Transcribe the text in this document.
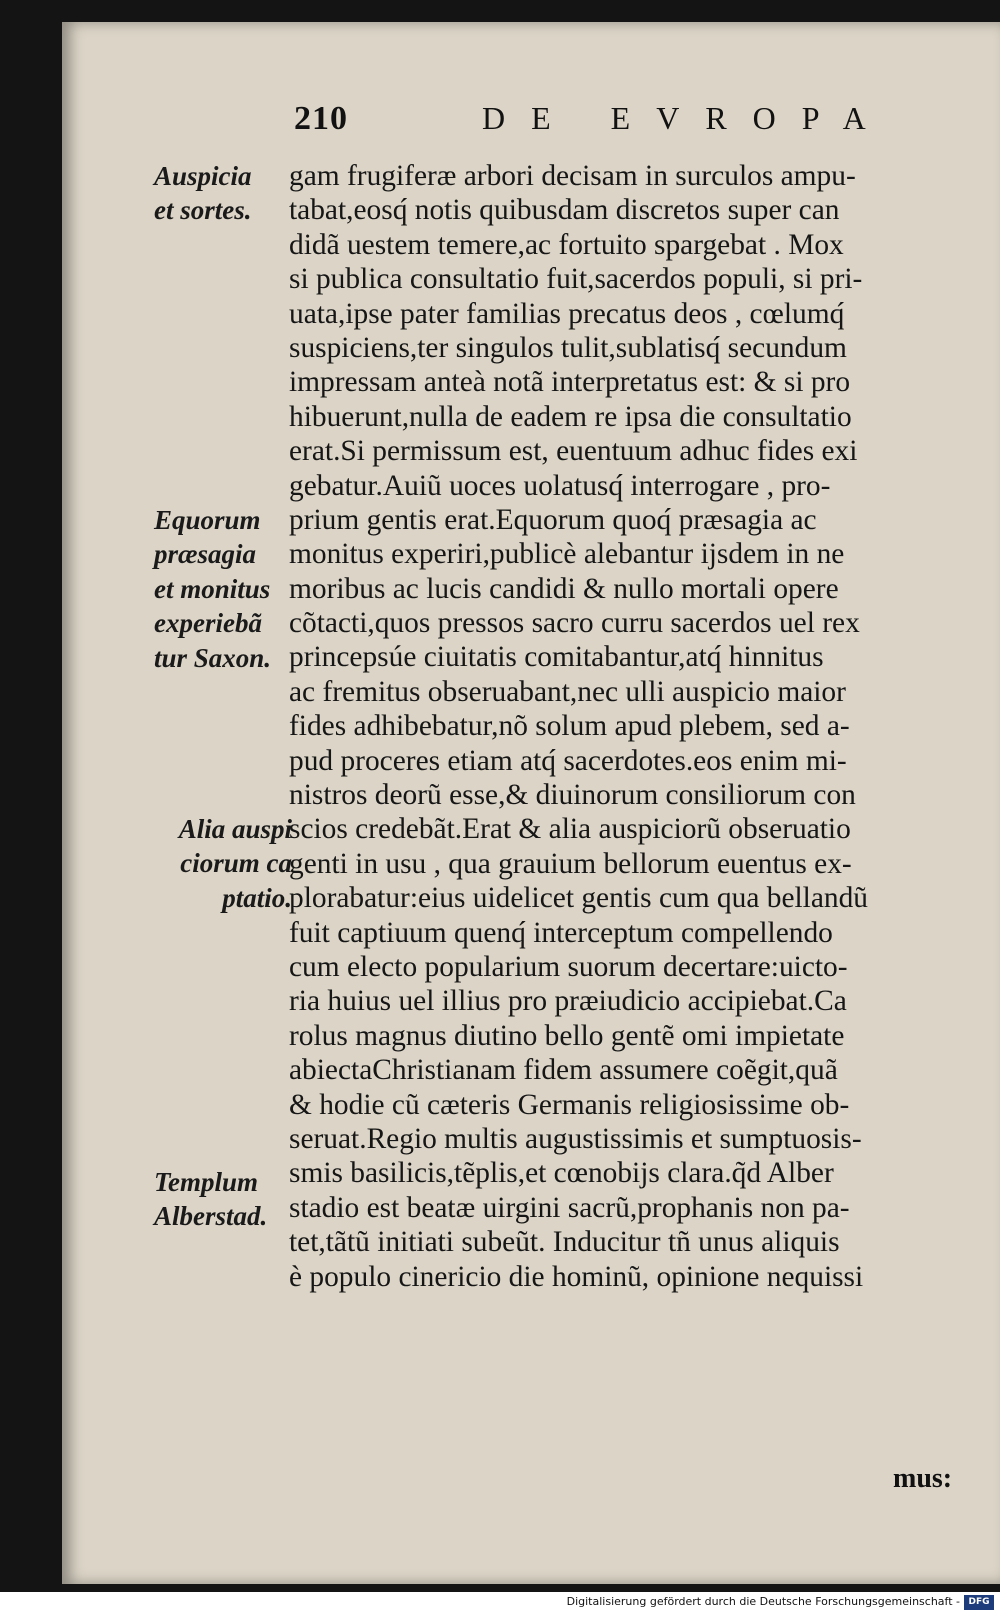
210	DE EVROPA
Auspicia
et sortes.
Equorum
præsagia
et monitus
experiebã
tur Saxon.
Alia auspi
ciorum ca
ptatio.
Templum
Alberstad.
gam frugiferæ arbori decisam in surculos ampu-
tabat,eosq́ notis quibusdam discretos super can
didã uestem temere,ac fortuito spargebat . Mox
si publica consultatio fuit,sacerdos populi, si pri-
uata,ipse pater familias precatus deos , cœlumq́
suspiciens,ter singulos tulit,sublatisq́ secundum
impressam anteà notã interpretatus est: & si pro
hibuerunt,nulla de eadem re ipsa die consultatio
erat.Si permissum est, euentuum adhuc fides exi
gebatur.Auiũ uoces uolatusq́ interrogare , pro-
prium gentis erat.Equorum quoq́ præsagia ac
monitus experiri,publicè alebantur ijsdem in ne
moribus ac lucis candidi & nullo mortali opere
cõtacti,quos pressos sacro curru sacerdos uel rex
princepsúe ciuitatis comitabantur,atq́ hinnitus
ac fremitus obseruabant,nec ulli auspicio maior
fides adhibebatur,nõ solum apud plebem, sed a-
pud proceres etiam atq́ sacerdotes.eos enim mi-
nistros deorũ esse,& diuinorum consiliorum con
scios credebãt.Erat & alia auspiciorũ obseruatio
genti in usu , qua grauium bellorum euentus ex-
plorabatur:eius uidelicet gentis cum qua bellandũ
fuit captiuum quenq́ interceptum compellendo
cum electo popularium suorum decertare:uicto-
ria huius uel illius pro præiudicio accipiebat.Ca
rolus magnus diutino bello gentẽ omi impietate
abiectaChristianam fidem assumere coẽgit,quã
& hodie cũ cæteris Germanis religiosissime ob-
seruat.Regio multis augustissimis et sumptuosis-
smis basilicis,tẽplis,et cœnobijs clara.q̃d Alber
stadio est beatæ uirgini sacrũ,prophanis non pa-
tet,tãtũ initiati subeũt. Inducitur tñ unus aliquis
è populo cinericio die hominũ, opinione nequissi
mus:
Digitalisierung gefördert durch die Deutsche Forschungsgemeinschaft - DFG
